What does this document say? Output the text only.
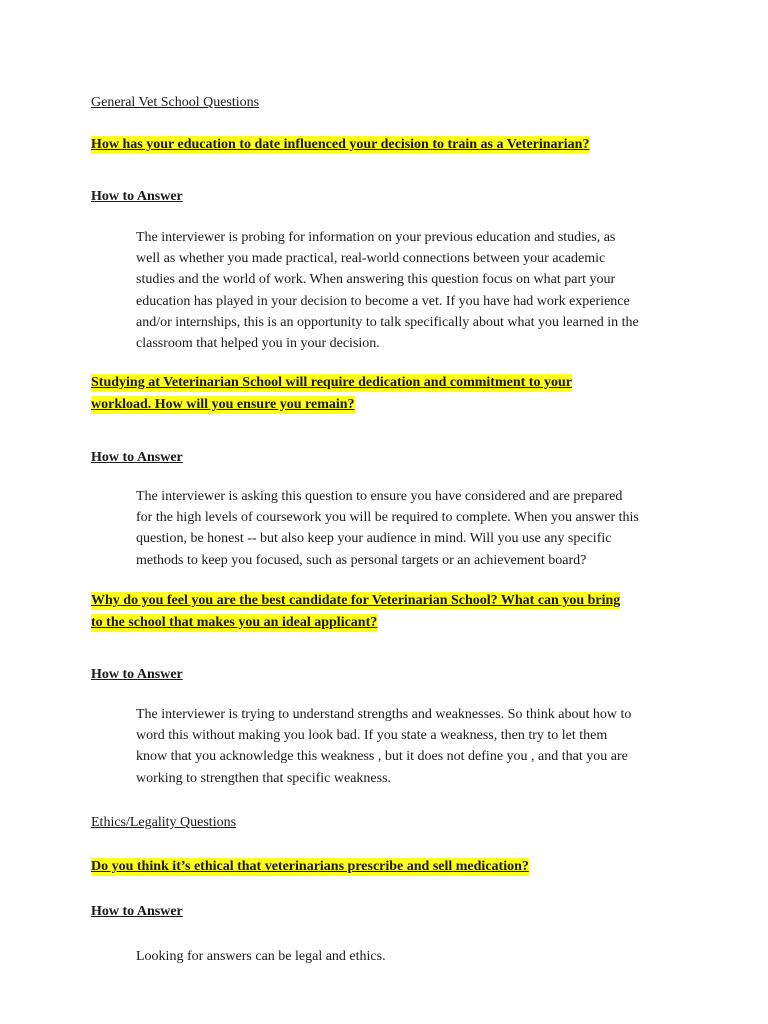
General Vet School Questions
How has your education to date influenced your decision to train as a Veterinarian?
How to Answer
The interviewer is probing for information on your previous education and studies, as
well as whether you made practical, real-world connections between your academic
studies and the world of work. When answering this question focus on what part your
education has played in your decision to become a vet. If you have had work experience
and/or internships, this is an opportunity to talk specifically about what you learned in the
classroom that helped you in your decision.
Studying at Veterinarian School will require dedication and commitment to your
workload. How will you ensure you remain?
How to Answer
The interviewer is asking this question to ensure you have considered and are prepared
for the high levels of coursework you will be required to complete. When you answer this
question, be honest -- but also keep your audience in mind. Will you use any specific
methods to keep you focused, such as personal targets or an achievement board?
Why do you feel you are the best candidate for Veterinarian School? What can you bring
to the school that makes you an ideal applicant?
How to Answer
The interviewer is trying to understand strengths and weaknesses. So think about how to
word this without making you look bad. If you state a weakness, then try to let them
know that you acknowledge this weakness , but it does not define you , and that you are
working to strengthen that specific weakness.
Ethics/Legality Questions
Do you think it’s ethical that veterinarians prescribe and sell medication?
How to Answer
Looking for answers can be legal and ethics.
